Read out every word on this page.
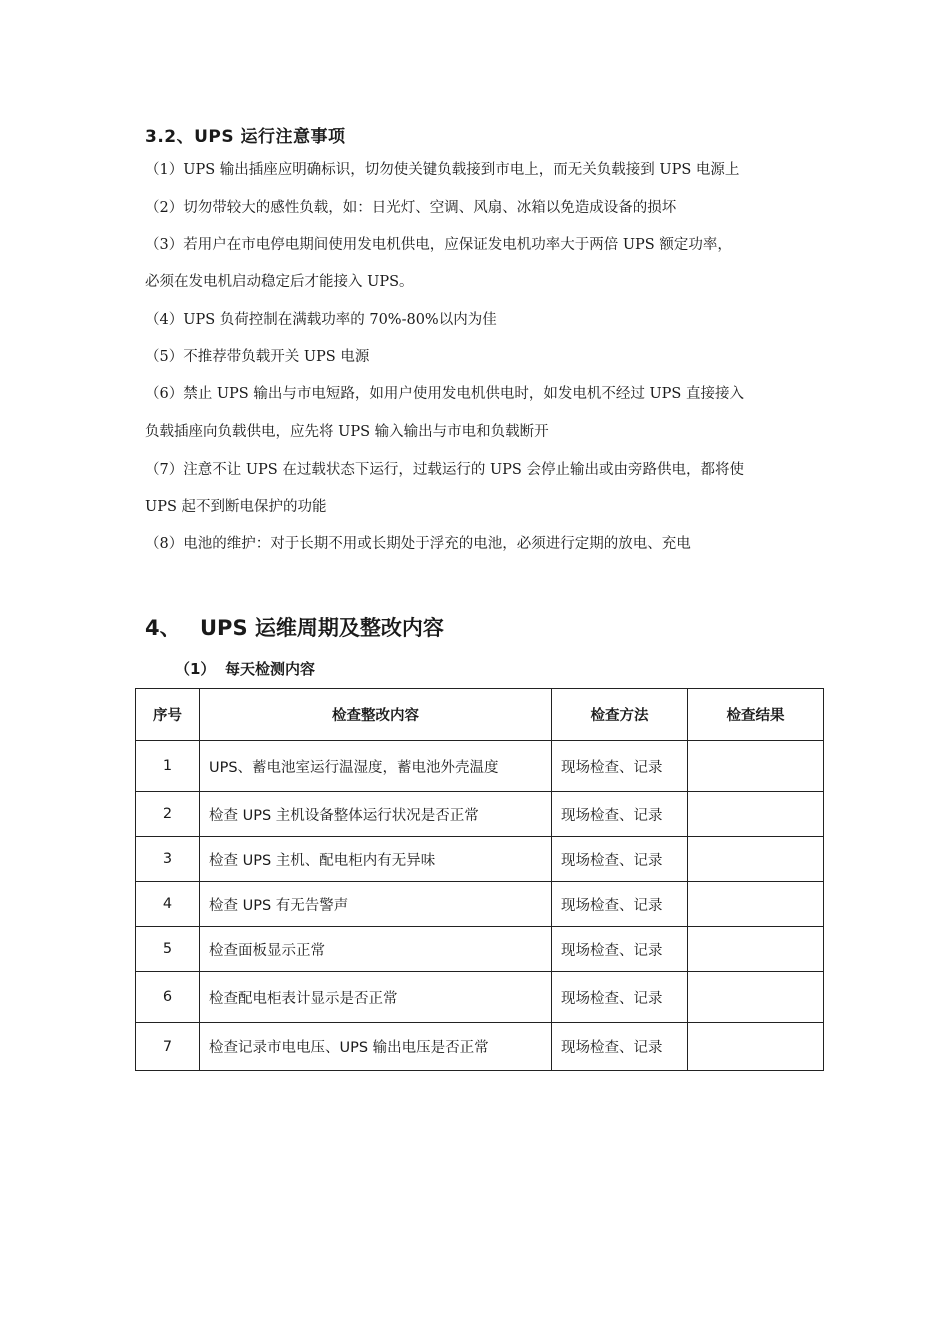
3.2、UPS 运行注意事项
（1）UPS 输出插座应明确标识，切勿使关键负载接到市电上，而无关负载接到 UPS 电源上
（2）切勿带较大的感性负载，如：日光灯、空调、风扇、冰箱以免造成设备的损坏
（3）若用户在市电停电期间使用发电机供电，应保证发电机功率大于两倍 UPS 额定功率，
必须在发电机启动稳定后才能接入 UPS。
（4）UPS 负荷控制在满载功率的 70%-80%以内为佳
（5）不推荐带负载开关 UPS 电源
（6）禁止 UPS 输出与市电短路，如用户使用发电机供电时，如发电机不经过 UPS 直接接入
负载插座向负载供电，应先将 UPS 输入输出与市电和负载断开
（7）注意不让 UPS 在过载状态下运行，过载运行的 UPS 会停止输出或由旁路供电，都将使
UPS 起不到断电保护的功能
（8）电池的维护：对于长期不用或长期处于浮充的电池，必须进行定期的放电、充电
4、 UPS 运维周期及整改内容
（1） 每天检测内容
序号	检查整改内容	检查方法	检查结果
1	UPS、蓄电池室运行温湿度，蓄电池外壳温度	现场检查、记录	
2	检查 UPS 主机设备整体运行状况是否正常	现场检查、记录	
3	检查 UPS 主机、配电柜内有无异味	现场检查、记录	
4	检查 UPS 有无告警声	现场检查、记录	
5	检查面板显示正常	现场检查、记录	
6	检查配电柜表计显示是否正常	现场检查、记录	
7	检查记录市电电压、UPS 输出电压是否正常	现场检查、记录	
